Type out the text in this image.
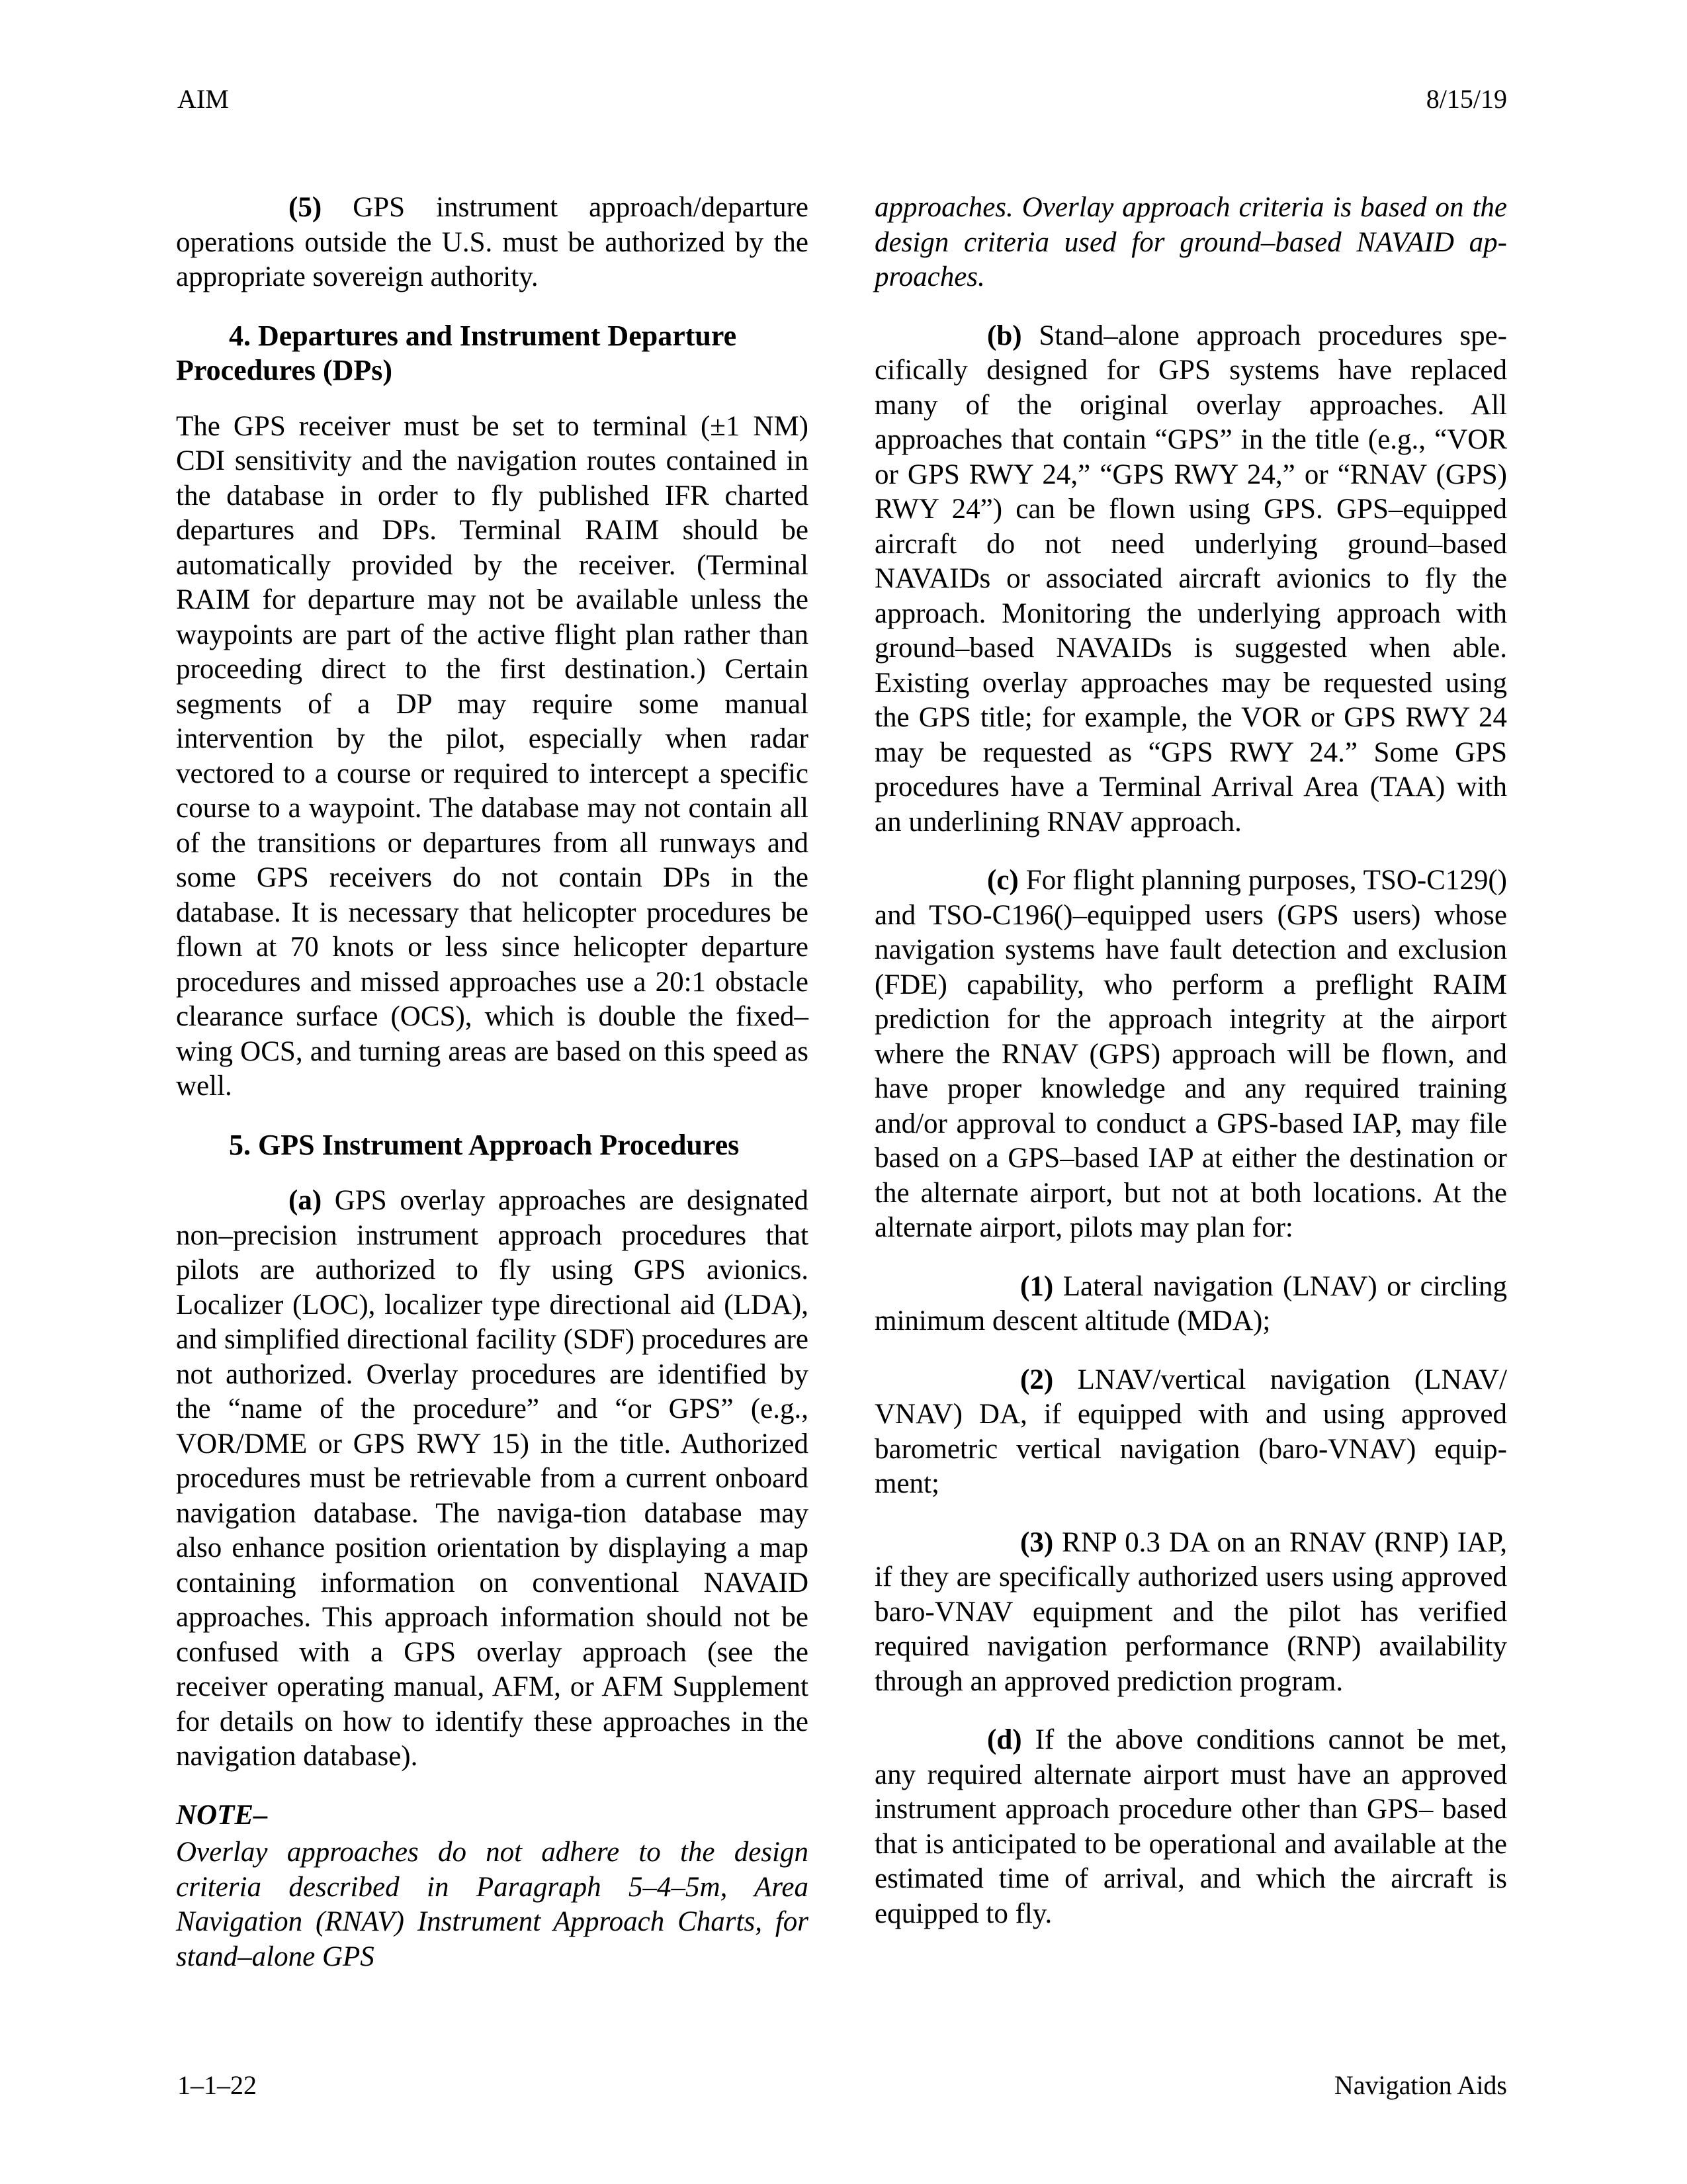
AIM	8/15/19

(5) GPS instrument approach/departure operations outside the U.S. must be authorized by the appropriate sovereign authority.

4. Departures and Instrument Departure Procedures (DPs)

The GPS receiver must be set to terminal (±1 NM) CDI sensitivity and the navigation routes contained in the database in order to fly published IFR charted departures and DPs. Terminal RAIM should be automatically provided by the receiver. (Terminal RAIM for departure may not be available unless the waypoints are part of the active flight plan rather than proceeding direct to the first destination.) Certain segments of a DP may require some manual intervention by the pilot, especially when radar vectored to a course or required to intercept a specific course to a waypoint. The database may not contain all of the transitions or departures from all runways and some GPS receivers do not contain DPs in the database. It is necessary that helicopter procedures be flown at 70 knots or less since helicopter departure procedures and missed approaches use a 20:1 obstacle clearance surface (OCS), which is double the fixed–wing OCS, and turning areas are based on this speed as well.

5. GPS Instrument Approach Procedures

(a) GPS overlay approaches are designated non–precision instrument approach procedures that pilots are authorized to fly using GPS avionics. Localizer (LOC), localizer type directional aid (LDA), and simplified directional facility (SDF) procedures are not authorized. Overlay procedures are identified by the “name of the procedure” and “or GPS” (e.g., VOR/DME or GPS RWY 15) in the title. Authorized procedures must be retrievable from a current onboard navigation database. The naviga-tion database may also enhance position orientation by displaying a map containing information on conventional NAVAID approaches. This approach information should not be confused with a GPS overlay approach (see the receiver operating manual, AFM, or AFM Supplement for details on how to identify these approaches in the navigation database).

NOTE–

Overlay approaches do not adhere to the design criteria described in Paragraph 5–4–5m, Area Navigation (RNAV) Instrument Approach Charts, for stand–alone GPS

approaches. Overlay approach criteria is based on the design criteria used for ground–based NAVAID ap-proaches.

(b) Stand–alone approach procedures spe-cifically designed for GPS systems have replaced many of the original overlay approaches. All approaches that contain “GPS” in the title (e.g., “VOR or GPS RWY 24,” “GPS RWY 24,” or “RNAV (GPS) RWY 24”) can be flown using GPS. GPS–equipped aircraft do not need underlying ground–based NAVAIDs or associated aircraft avionics to fly the approach. Monitoring the underlying approach with ground–based NAVAIDs is suggested when able. Existing overlay approaches may be requested using the GPS title; for example, the VOR or GPS RWY 24 may be requested as “GPS RWY 24.” Some GPS procedures have a Terminal Arrival Area (TAA) with an underlining RNAV approach.

(c) For flight planning purposes, TSO-C129() and TSO-C196()–equipped users (GPS users) whose navigation systems have fault detection and exclusion (FDE) capability, who perform a preflight RAIM prediction for the approach integrity at the airport where the RNAV (GPS) approach will be flown, and have proper knowledge and any required training and/or approval to conduct a GPS-based IAP, may file based on a GPS–based IAP at either the destination or the alternate airport, but not at both locations. At the alternate airport, pilots may plan for:

(1) Lateral navigation (LNAV) or circling minimum descent altitude (MDA);

(2) LNAV/vertical navigation (LNAV/ VNAV) DA, if equipped with and using approved barometric vertical navigation (baro-VNAV) equip-ment;

(3) RNP 0.3 DA on an RNAV (RNP) IAP, if they are specifically authorized users using approved baro-VNAV equipment and the pilot has verified required navigation performance (RNP) availability through an approved prediction program.

(d) If the above conditions cannot be met, any required alternate airport must have an approved instrument approach procedure other than GPS– based that is anticipated to be operational and available at the estimated time of arrival, and which the aircraft is equipped to fly.

1–1–22	Navigation Aids
